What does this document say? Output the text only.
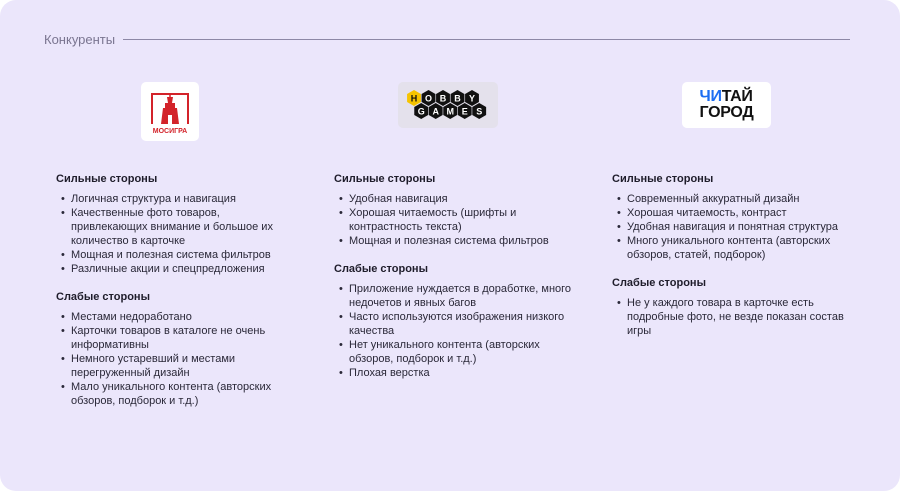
Конкуренты
МОСИГРА
H O B B Y
G A M E S
ЧИТАЙ
ГОРОД
Сильные стороны
• Логичная структура и навигация
• Качественные фото товаров, привлекающих внимание и большое их количество в карточке
• Мощная и полезная система фильтров
• Различные акции и спецпредложения
Слабые стороны
• Местами недоработано
• Карточки товаров в каталоге не очень информативны
• Немного устаревший и местами перегруженный дизайн
• Мало уникального контента (авторских обзоров, подборок и т.д.)
Сильные стороны
• Удобная навигация
• Хорошая читаемость (шрифты и контрастность текста)
• Мощная и полезная система фильтров
Слабые стороны
• Приложение нуждается в доработке, много недочетов и явных багов
• Часто используются изображения низкого качества
• Нет уникального контента (авторских обзоров, подборок и т.д.)
• Плохая верстка
Сильные стороны
• Современный аккуратный дизайн
• Хорошая читаемость, контраст
• Удобная навигация и понятная структура
• Много уникального контента (авторских обзоров, статей, подборок)
Слабые стороны
• Не у каждого товара в карточке есть подробные фото, не везде показан состав игры
